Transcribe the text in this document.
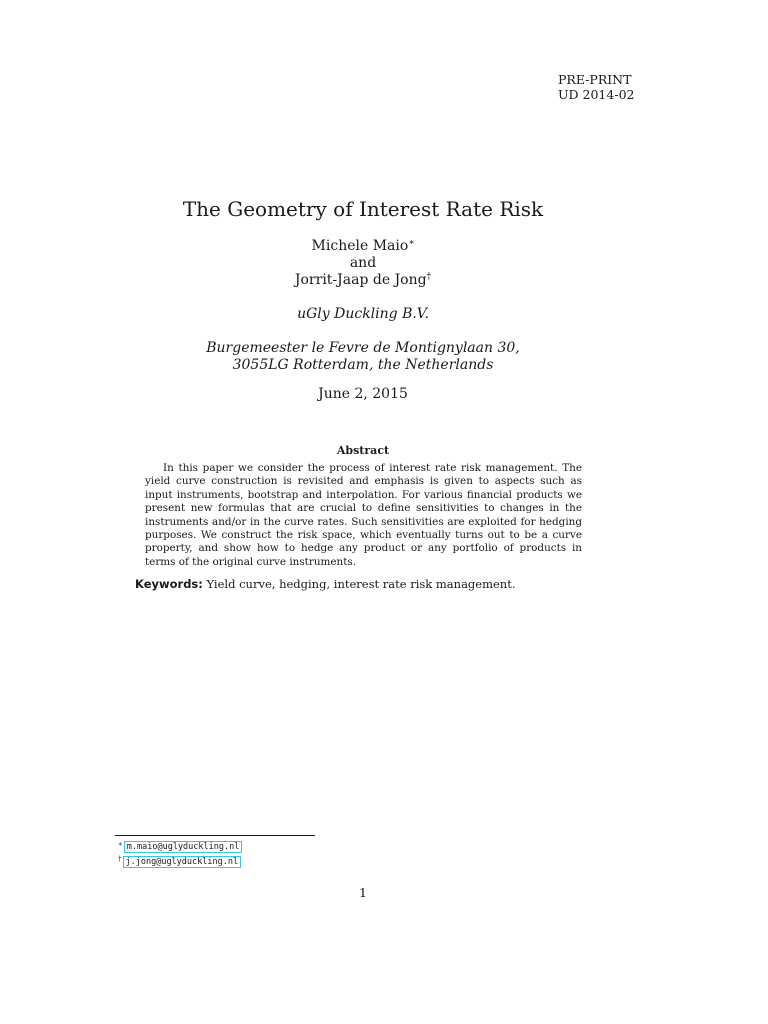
PRE-PRINT
UD 2014-02
The Geometry of Interest Rate Risk
Michele Maio∗
and
Jorrit-Jaap de Jong†
uGly Duckling B.V.
Burgemeester le Fevre de Montignylaan 30,
3055LG Rotterdam, the Netherlands
June 2, 2015
Abstract
In this paper we consider the process of interest rate risk management. The yield curve construction is revisited and emphasis is given to aspects such as input instruments, bootstrap and interpolation. For various financial products we present new formulas that are crucial to define sensitivities to changes in the instruments and/or in the curve rates. Such sensitivities are exploited for hedging purposes. We construct the risk space, which eventually turns out to be a curve property, and show how to hedge any product or any portfolio of products in terms of the original curve instruments.
Keywords: Yield curve, hedging, interest rate risk management.
∗ m.maio@uglyduckling.nl
† j.jong@uglyduckling.nl
1
